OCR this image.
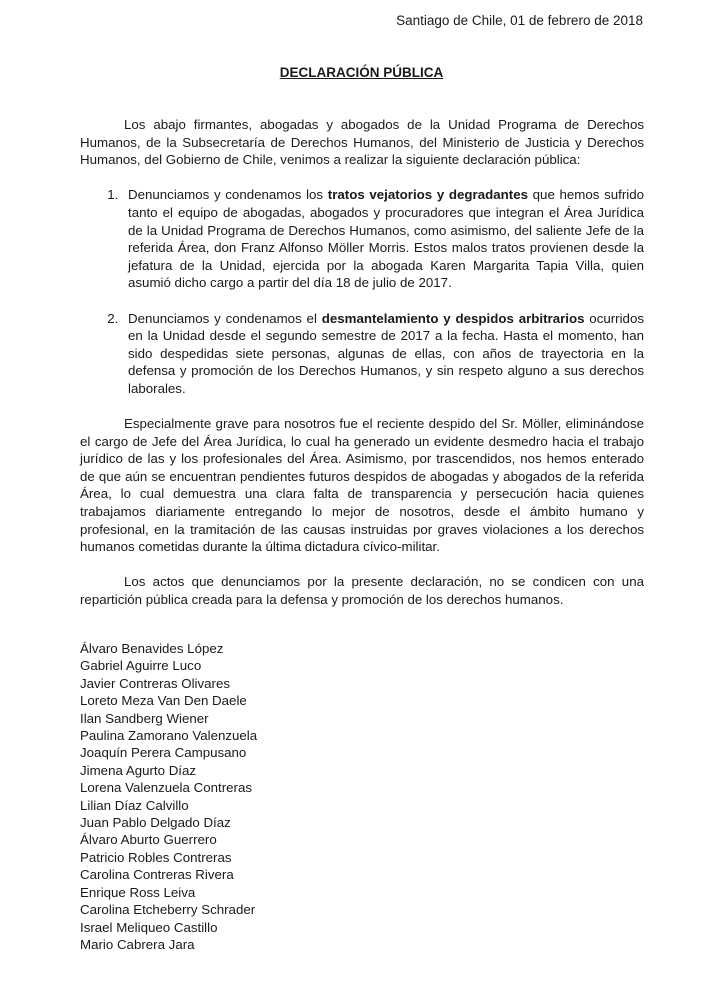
Santiago de Chile, 01 de febrero de 2018
DECLARACIÓN PÚBLICA

Los abajo firmantes, abogadas y abogados de la Unidad Programa de Derechos Humanos, de la Subsecretaría de Derechos Humanos, del Ministerio de Justicia y Derechos Humanos, del Gobierno de Chile, venimos a realizar la siguiente declaración pública:

1. Denunciamos y condenamos los tratos vejatorios y degradantes que hemos sufrido tanto el equipo de abogadas, abogados y procuradores que integran el Área Jurídica de la Unidad Programa de Derechos Humanos, como asimismo, del saliente Jefe de la referida Área, don Franz Alfonso Möller Morris. Estos malos tratos provienen desde la jefatura de la Unidad, ejercida por la abogada Karen Margarita Tapia Villa, quien asumió dicho cargo a partir del día 18 de julio de 2017.
2. Denunciamos y condenamos el desmantelamiento y despidos arbitrarios ocurridos en la Unidad desde el segundo semestre de 2017 a la fecha. Hasta el momento, han sido despedidas siete personas, algunas de ellas, con años de trayectoria en la defensa y promoción de los Derechos Humanos, y sin respeto alguno a sus derechos laborales.

Especialmente grave para nosotros fue el reciente despido del Sr. Möller, eliminándose el cargo de Jefe del Área Jurídica, lo cual ha generado un evidente desmedro hacia el trabajo jurídico de las y los profesionales del Área. Asimismo, por trascendidos, nos hemos enterado de que aún se encuentran pendientes futuros despidos de abogadas y abogados de la referida Área, lo cual demuestra una clara falta de transparencia y persecución hacia quienes trabajamos diariamente entregando lo mejor de nosotros, desde el ámbito humano y profesional, en la tramitación de las causas instruidas por graves violaciones a los derechos humanos cometidas durante la última dictadura cívico-militar.

Los actos que denunciamos por la presente declaración, no se condicen con una repartición pública creada para la defensa y promoción de los derechos humanos.

Álvaro Benavides López
Gabriel Aguirre Luco
Javier Contreras Olivares
Loreto Meza Van Den Daele
Ilan Sandberg Wiener
Paulina Zamorano Valenzuela
Joaquín Perera Campusano
Jimena Agurto Díaz
Lorena Valenzuela Contreras
Lilian Díaz Calvillo
Juan Pablo Delgado Díaz
Álvaro Aburto Guerrero
Patricio Robles Contreras
Carolina Contreras Rivera
Enrique Ross Leiva
Carolina Etcheberry Schrader
Israel Meliqueo Castillo
Mario Cabrera Jara
